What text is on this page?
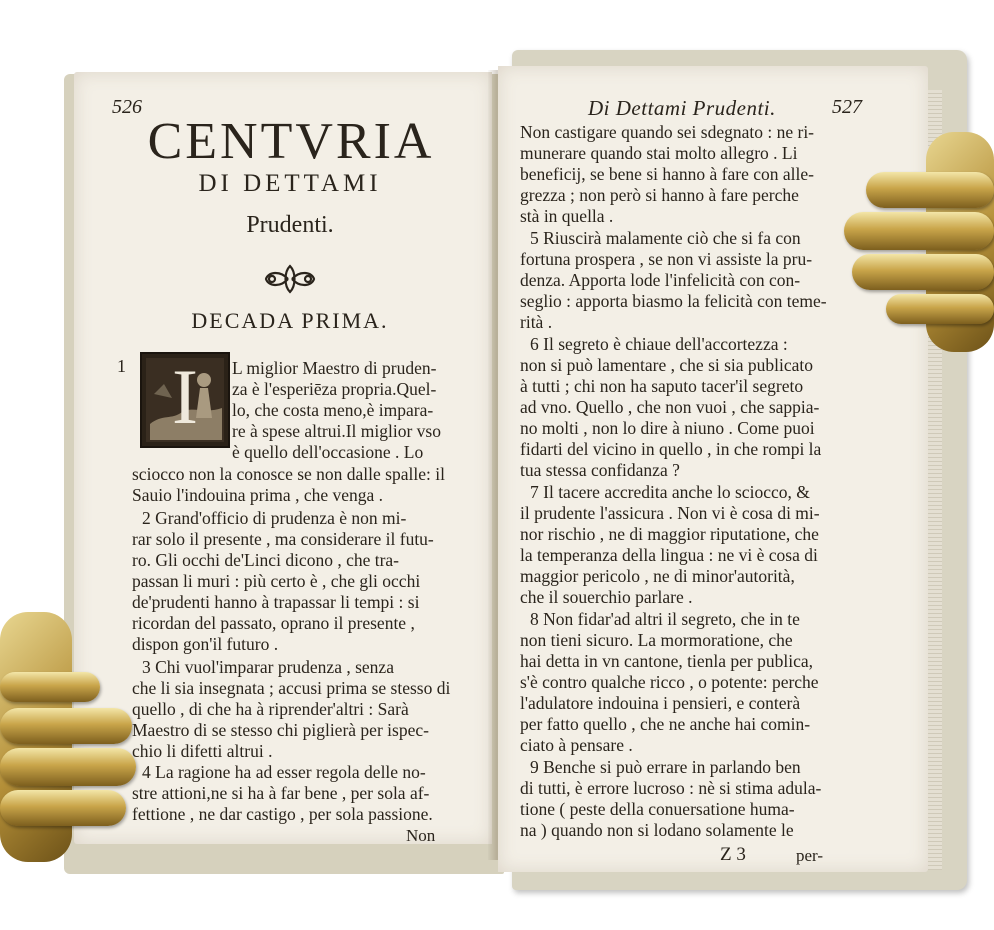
526
CENTVRIA
DI DETTAMI
Prudenti.
DECADA PRIMA.
1 I L miglior Maestro di pruden-
za è l'esperiēza propria.Quel-
lo, che costa meno,è impara-
re à spese altrui.Il miglior vso
è quello dell'occasione . Lo
sciocco non la conosce se non dalle spalle: il
Sauio l'indouina prima , che venga .
2 Grand'officio di prudenza è non mi-
rar solo il presente , ma considerare il futu-
ro. Gli occhi de'Linci dicono , che tra-
passan li muri : più certo è , che gli occhi
de'prudenti hanno à trapassar li tempi : si
ricordan del passato, oprano il presente ,
dispon gon'il futuro .
3 Chi vuol'imparar prudenza , senza
che li sia insegnata ; accusi prima se stesso di
quello , di che ha à riprender'altri : Sarà
Maestro di se stesso chi piglierà per ispec-
chio li difetti altrui .
4 La ragione ha ad esser regola delle no-
stre attioni,ne si ha à far bene , per sola af-
fettione , ne dar castigo , per sola passione.
Non
Di Dettami Prudenti.	527
Non castigare quando sei sdegnato : ne ri-
munerare quando stai molto allegro . Li
beneficij, se bene si hanno à fare con alle-
grezza ; non però si hanno à fare perche
stà in quella .
5 Riuscirà malamente ciò che si fa con
fortuna prospera , se non vi assiste la pru-
denza. Apporta lode l'infelicità con con-
seglio : apporta biasmo la felicità con teme-
rità .
6 Il segreto è chiaue dell'accortezza :
non si può lamentare , che si sia publicato
à tutti ; chi non ha saputo tacer'il segreto
ad vno. Quello , che non vuoi , che sappia-
no molti , non lo dire à niuno . Come puoi
fidarti del vicino in quello , in che rompi la
tua stessa confidanza ?
7 Il tacere accredita anche lo sciocco, &
il prudente l'assicura . Non vi è cosa di mi-
nor rischio , ne di maggior riputatione, che
la temperanza della lingua : ne vi è cosa di
maggior pericolo , ne di minor'autorità,
che il souerchio parlare .
8 Non fidar'ad altri il segreto, che in te
non tieni sicuro. La mormoratione, che
hai detta in vn cantone, tienla per publica,
s'è contro qualche ricco , o potente: perche
l'adulatore indouina i pensieri, e conterà
per fatto quello , che ne anche hai comin-
ciato à pensare .
9 Benche si può errare in parlando ben
di tutti, è errore lucroso : nè si stima adula-
tione ( peste della conuersatione huma-
na ) quando non si lodano solamente le
Z 3	per-
